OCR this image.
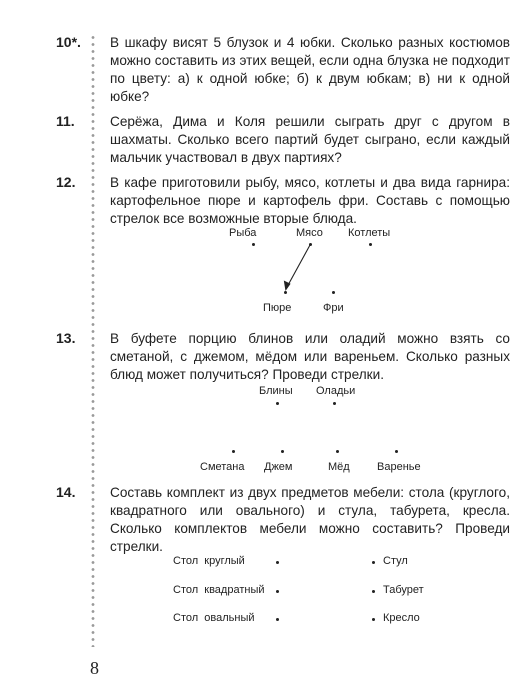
10*. В шкафу висят 5 блузок и 4 юбки. Сколько разных костюмов можно составить из этих вещей, если одна блузка не подходит по цвету: а) к одной юбке; б) к двум юбкам; в) ни к одной юбке?
11.	Серёжа, Дима и Коля решили сыграть друг с другом в шахматы. Сколько всего партий будет сыграно, если каждый мальчик участвовал в двух партиях?
12.	В кафе приготовили рыбу, мясо, котлеты и два вида гарнира: картофельное пюре и картофель фри. Составь с помощью стрелок все возможные вторые блюда.
Рыба	Мясо Котлеты
Пюре	Фри
13.	В буфете порцию блинов или оладий можно взять со сметаной, с джемом, мёдом или вареньем. Сколько разных блюд может получиться? Проведи стрелки.
Блины Оладьи
Сметана Джем	Мёд Варенье
14.	Составь комплект из двух предметов мебели: стола (круглого, квадратного или овального) и стула, табурета, кресла. Сколько комплектов мебели можно составить? Проведи стрелки.
Стол  круглый
Стол  квадратный
Стол  овальный
Стул
Табурет
Кресло
8
